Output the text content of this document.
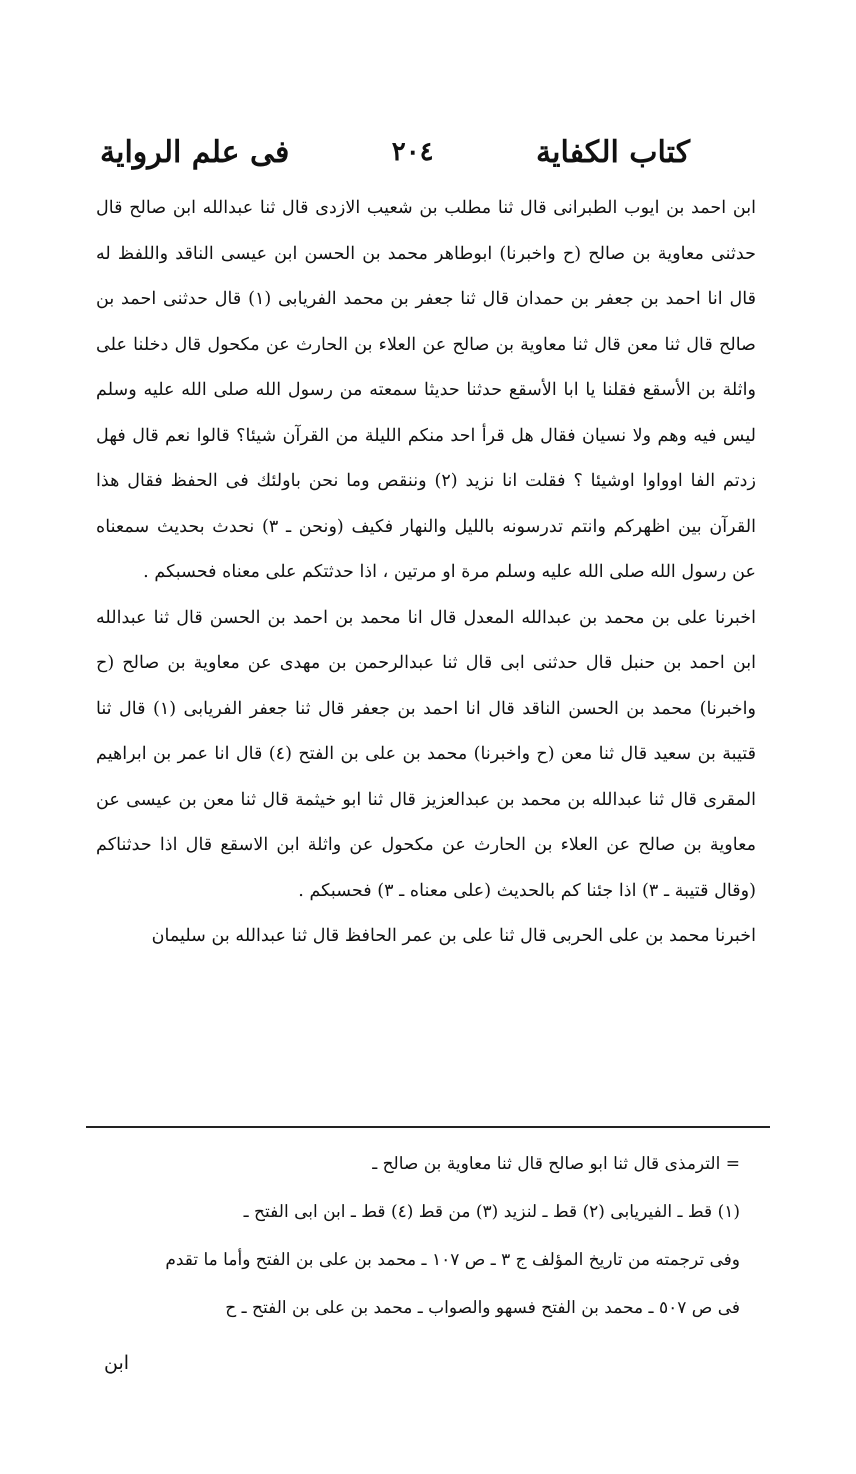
كتاب الكفاية
٢٠٤
فى علم الرواية

ابن احمد بن ايوب الطبرانى قال ثنا مطلب بن شعيب الازدى قال ثنا عبدالله ابن صالح قال حدثنى معاوية بن صالح (ح واخبرنا) ابوطاهر محمد بن الحسن ابن عيسى الناقد واللفظ له قال انا احمد بن جعفر بن حمدان قال ثنا جعفر بن محمد الفريابى (١) قال حدثنى احمد بن صالح قال ثنا معن قال ثنا معاوية بن صالح عن العلاء بن الحارث عن مكحول قال دخلنا على واثلة بن الأسقع فقلنا يا ابا الأسقع حدثنا حديثا سمعته من رسول الله صلى الله عليه وسلم ليس فيه وهم ولا نسيان فقال هل قرأ احد منكم الليلة من القرآن شيئا؟ قالوا نعم قال فهل زدتم الفا اوواوا اوشيئا ؟ فقلت انا نزيد (٢) وننقص وما نحن باولئك فى الحفظ فقال هذا القرآن بين اظهركم وانتم تدرسونه بالليل والنهار فكيف (ونحن ـ ٣) نحدث بحديث سمعناه عن رسول الله صلى الله عليه وسلم مرة او مرتين ، اذا حدثتكم على معناه فحسبكم .

اخبرنا على بن محمد بن عبدالله المعدل قال انا محمد بن احمد بن الحسن قال ثنا عبدالله ابن احمد بن حنبل قال حدثنى ابى قال ثنا عبدالرحمن بن مهدى عن معاوية بن صالح (ح واخبرنا) محمد بن الحسن الناقد قال انا احمد بن جعفر قال ثنا جعفر الفريابى (١) قال ثنا قتيبة بن سعيد قال ثنا معن (ح واخبرنا) محمد بن على بن الفتح (٤) قال انا عمر بن ابراهيم المقرى قال ثنا عبدالله بن محمد بن عبدالعزيز قال ثنا ابو خيثمة قال ثنا معن بن عيسى عن معاوية بن صالح عن العلاء بن الحارث عن مكحول عن واثلة ابن الاسقع قال اذا حدثناكم (وقال قتيبة ـ ٣) اذا جئنا كم بالحديث (على معناه ـ ٣) فحسبكم .

اخبرنا محمد بن على الحربى قال ثنا على بن عمر الحافظ قال ثنا عبدالله بن سليمان

= الترمذى قال ثنا ابو صالح قال ثنا معاوية بن صالح ـ
(١) قط ـ الفيريابى (٢) قط ـ لنزيد (٣) من قط (٤) قط ـ ابن ابى الفتح ـ
وفى ترجمته من تاريخ المؤلف ج ٣ ـ ص ١٠٧ ـ محمد بن على بن الفتح وأما ما تقدم
فى ص ٥٠٧ ـ محمد بن الفتح فسهو والصواب ـ محمد بن على بن الفتح ـ ح
ابن
